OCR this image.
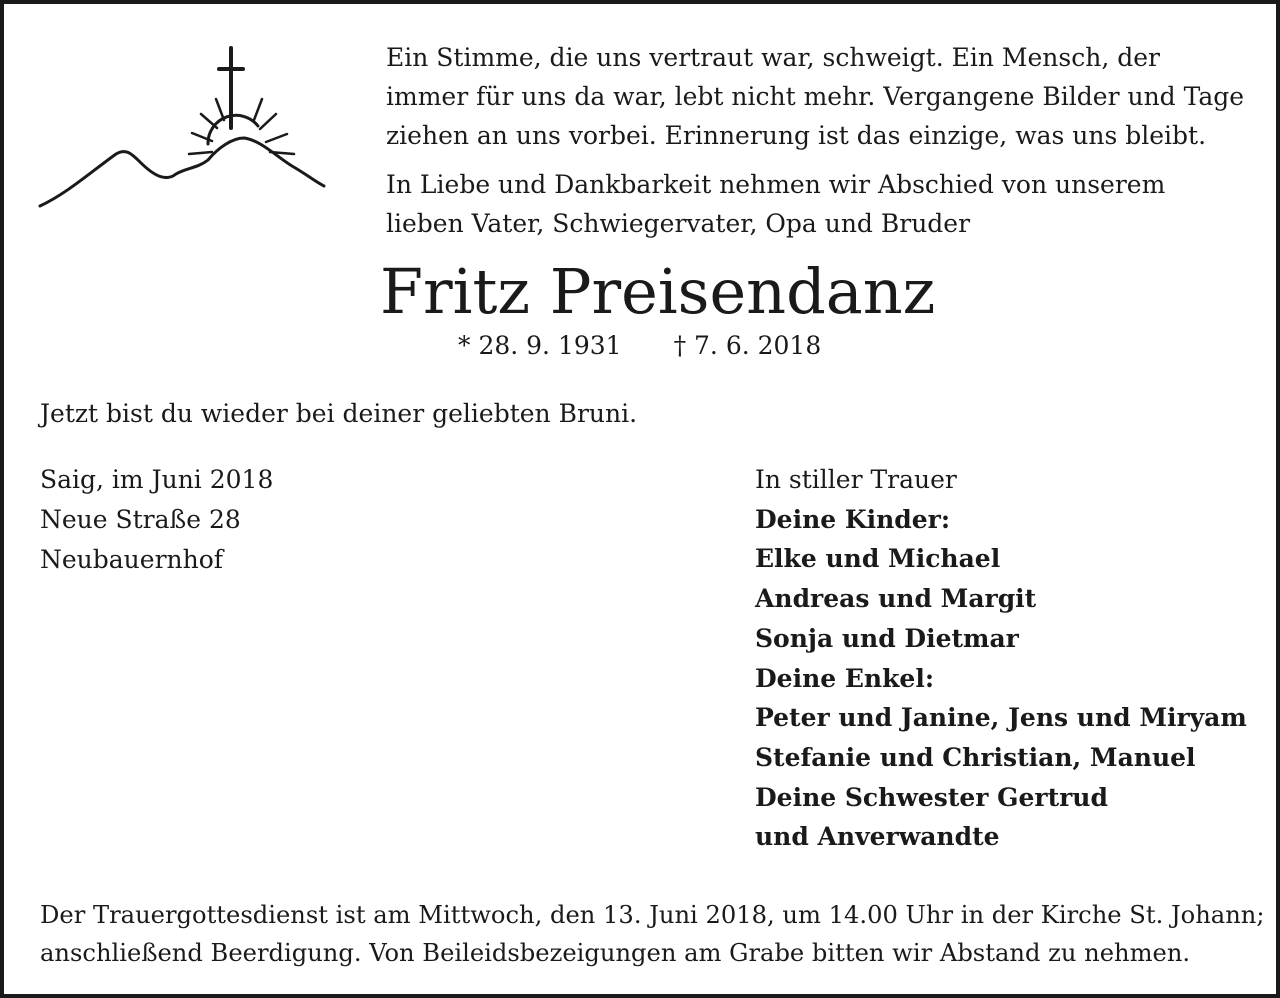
Ein Stimme, die uns vertraut war, schweigt. Ein Mensch, der immer für uns da war, lebt nicht mehr. Vergangene Bilder und Tage ziehen an uns vorbei. Erinnerung ist das einzige, was uns bleibt.

In Liebe und Dankbarkeit nehmen wir Abschied von unserem lieben Vater, Schwiegervater, Opa und Bruder

Fritz Preisendanz
* 28. 9. 1931 † 7. 6. 2018
Jetzt bist du wieder bei deiner geliebten Bruni.
Saig, im Juni 2018
Neue Straße 28
Neubauernhof
In stiller Trauer
Deine Kinder:
Elke und Michael
Andreas und Margit
Sonja und Dietmar
Deine Enkel:
Peter und Janine, Jens und Miryam
Stefanie und Christian, Manuel
Deine Schwester Gertrud
und Anverwandte
Der Trauergottesdienst ist am Mittwoch, den 13. Juni 2018, um 14.00 Uhr in der Kirche St. Johann;
anschließend Beerdigung. Von Beileidsbezeigungen am Grabe bitten wir Abstand zu nehmen.
